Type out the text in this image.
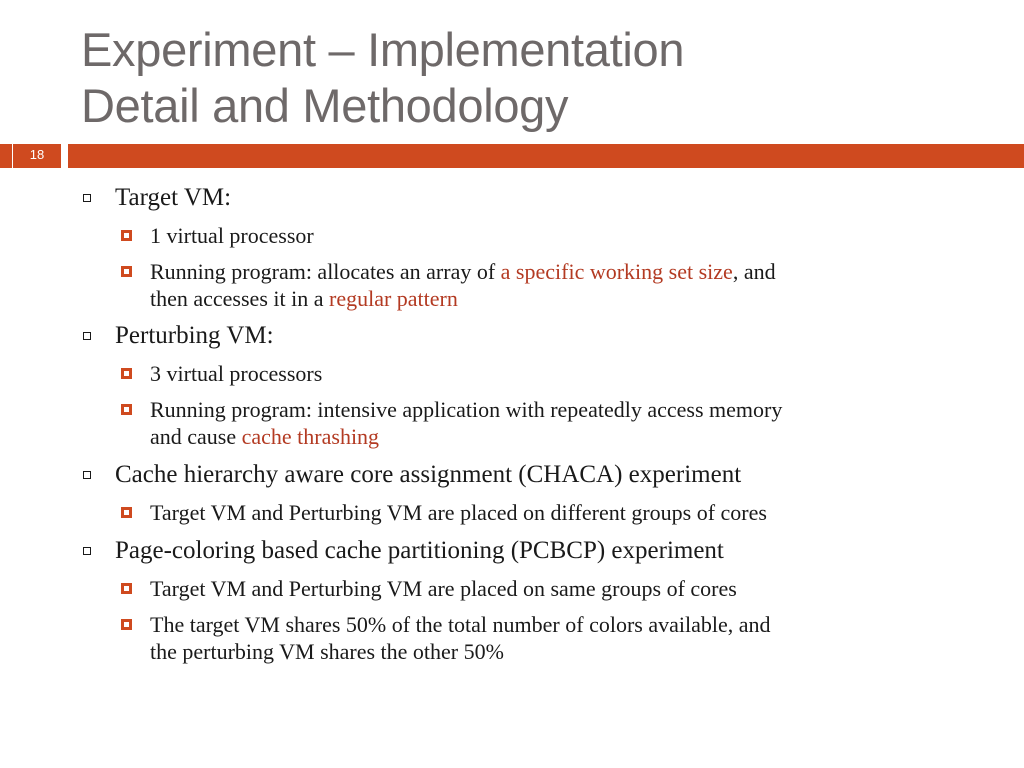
Experiment – Implementation
Detail and Methodology
18
Target VM:
1 virtual processor
Running program: allocates an array of a specific working set size, and
then accesses it in a regular pattern
Perturbing VM:
3 virtual processors
Running program: intensive application with repeatedly access memory
and cause cache thrashing
Cache hierarchy aware core assignment (CHACA) experiment
Target VM and Perturbing VM are placed on different groups of cores
Page-coloring based cache partitioning (PCBCP) experiment
Target VM and Perturbing VM are placed on same groups of cores
The target VM shares 50% of the total number of colors available, and
the perturbing VM shares the other 50%
